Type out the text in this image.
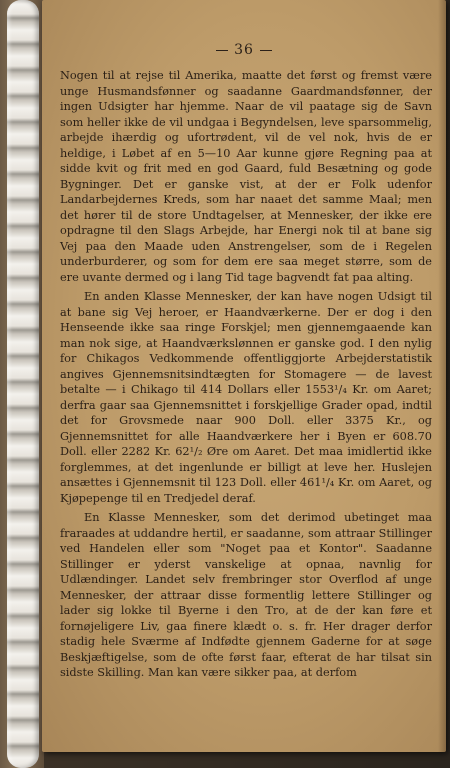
36

Nogen til at rejse til Amerika, maatte det først og fremst være unge Husmandsfønner og saadanne Gaardmandsfønner, der ingen Udsigter har hjemme. Naar de vil paatage sig de Savn som heller ikke de vil undgaa i Begyndelsen, leve sparsommelig, arbejde ihærdig og ufortrødent, vil de vel nok, hvis de er heldige, i Løbet af en 5—10 Aar kunne gjøre Regning paa at sidde kvit og frit med en god Gaard, fuld Besætning og gode Bygninger. Det er ganske vist, at der er Folk udenfor Landarbejdernes Kreds, som har naaet det samme Maal; men det hører til de store Undtagelser, at Mennesker, der ikke ere opdragne til den Slags Arbejde, har Energi nok til at bane sig Vej paa den Maade uden Anstrengelser, som de i Regelen underburderer, og som for dem ere saa meget større, som de ere uvante dermed og i lang Tid tage bagvendt fat paa alting.

En anden Klasse Mennesker, der kan have nogen Udsigt til at bane sig Vej heroer, er Haandværkerne. Der er dog i den Henseende ikke saa ringe Forskjel; men gjennemgaaende kan man nok sige, at Haandværkslønnen er ganske god. I den nylig for Chikagos Vedkommende offentliggjorte Arbejderstatistik angives Gjennemsnitsindtægten for Stomagere — de lavest betalte — i Chikago til 414 Dollars eller 1553¹/₄ Kr. om Aaret; derfra gaar saa Gjennemsnittet i forskjellige Grader opad, indtil det for Grovsmede naar 900 Doll. eller 3375 Kr., og Gjennemsnittet for alle Haandværkere her i Byen er 608.70 Doll. eller 2282 Kr. 62¹/₂ Øre om Aaret. Det maa imidlertid ikke forglemmes, at det ingenlunde er billigt at leve her. Huslejen ansættes i Gjennemsnit til 123 Doll. eller 461¹/₄ Kr. om Aaret, og Kjøpepenge til en Tredjedel deraf.

En Klasse Mennesker, som det derimod ubetinget maa fraraades at uddandre hertil, er saadanne, som attraar Stillinger ved Handelen eller som "Noget paa et Kontor". Saadanne Stillinger er yderst vanskelige at opnaa, navnlig for Udlændinger. Landet selv frembringer stor Overflod af unge Mennesker, der attraar disse formentlig lettere Stillinger og lader sig lokke til Byerne i den Tro, at de der kan føre et fornøjeligere Liv, gaa finere klædt o. s. fr. Her drager derfor stadig hele Sværme af Indfødte gjennem Gaderne for at søge Beskjæftigelse, som de ofte først faar, efterat de har tilsat sin sidste Skilling. Man kan være sikker paa, at derfom
